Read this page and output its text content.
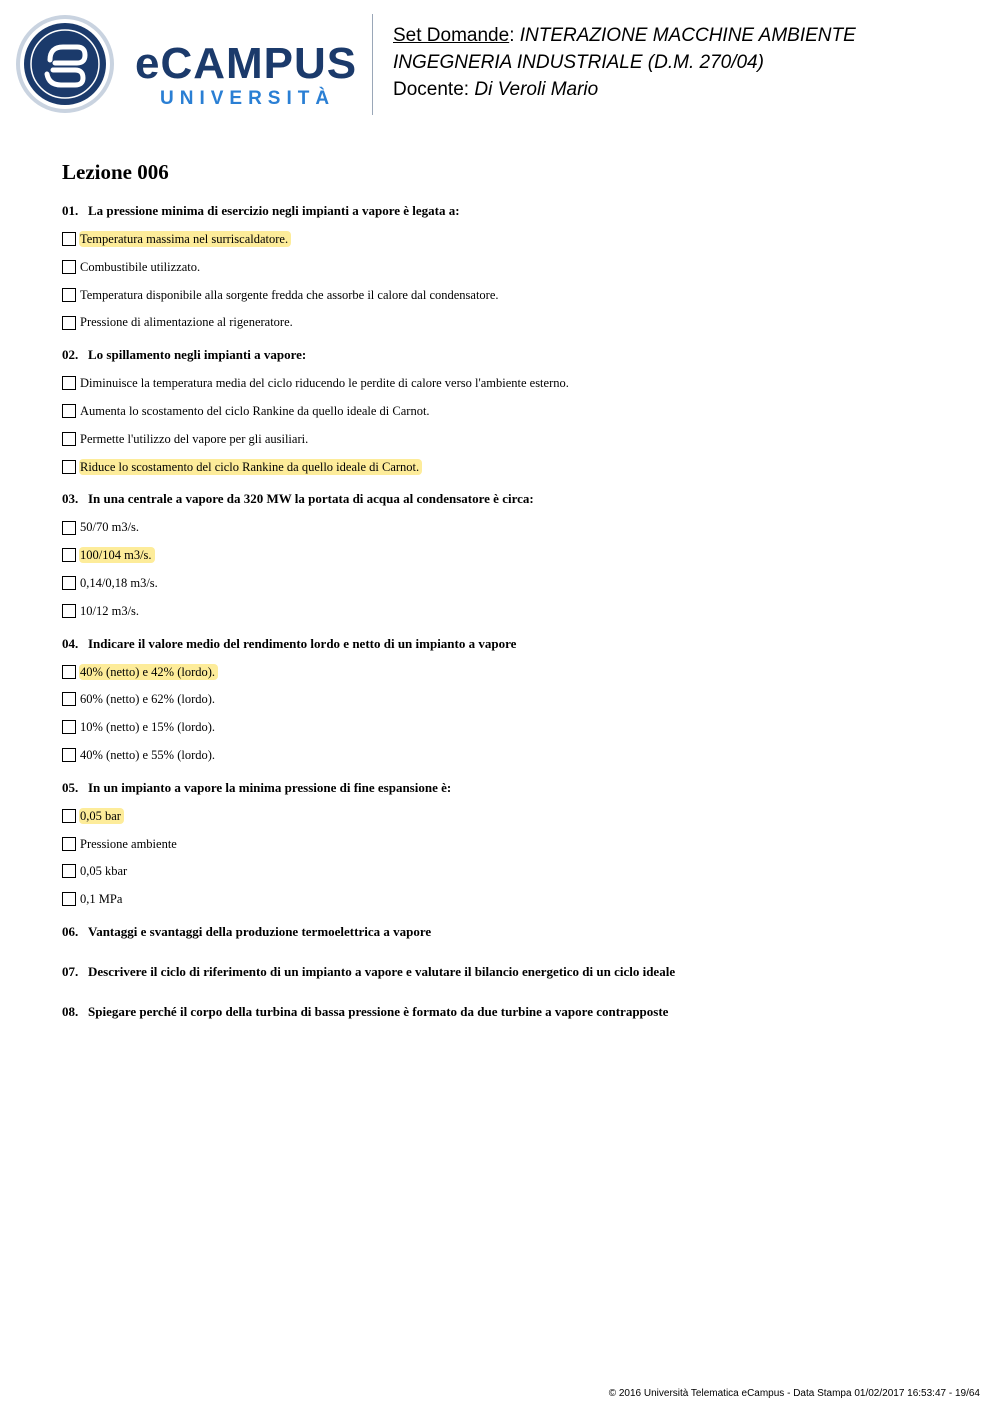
eCAMPUS
UNIVERSITÀ
Set Domande: INTERAZIONE MACCHINE AMBIENTE
INGEGNERIA INDUSTRIALE (D.M. 270/04)
Docente: Di Veroli Mario
Lezione 006
01. La pressione minima di esercizio negli impianti a vapore è legata a:
Temperatura massima nel surriscaldatore.
Combustibile utilizzato.
Temperatura disponibile alla sorgente fredda che assorbe il calore dal condensatore.
Pressione di alimentazione al rigeneratore.
02. Lo spillamento negli impianti a vapore:
Diminuisce la temperatura media del ciclo riducendo le perdite di calore verso l'ambiente esterno.
Aumenta lo scostamento del ciclo Rankine da quello ideale di Carnot.
Permette l'utilizzo del vapore per gli ausiliari.
Riduce lo scostamento del ciclo Rankine da quello ideale di Carnot.
03. In una centrale a vapore da 320 MW la portata di acqua al condensatore è circa:
50/70 m3/s.
100/104 m3/s.
0,14/0,18 m3/s.
10/12 m3/s.
04. Indicare il valore medio del rendimento lordo e netto di un impianto a vapore
40% (netto) e 42% (lordo).
60% (netto) e 62% (lordo).
10% (netto) e 15% (lordo).
40% (netto) e 55% (lordo).
05. In un impianto a vapore la minima pressione di fine espansione è:
0,05 bar
Pressione ambiente
0,05 kbar
0,1 MPa
06. Vantaggi e svantaggi della produzione termoelettrica a vapore
07. Descrivere il ciclo di riferimento di un impianto a vapore e valutare il bilancio energetico di un ciclo ideale
08. Spiegare perché il corpo della turbina di bassa pressione è formato da due turbine a vapore contrapposte
© 2016 Università Telematica eCampus - Data Stampa 01/02/2017 16:53:47 - 19/64
